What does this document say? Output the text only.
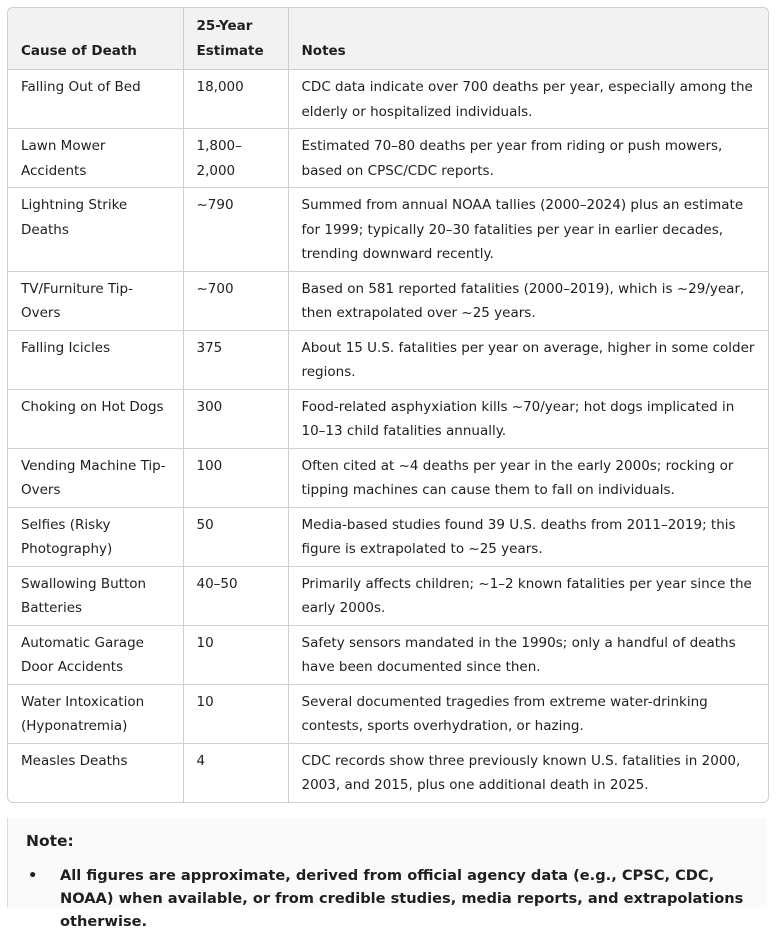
Cause of Death	25-Year Estimate	Notes
Falling Out of Bed	18,000	CDC data indicate over 700 deaths per year, especially among the elderly or hospitalized individuals.
Lawn Mower Accidents	1,800–2,000	Estimated 70–80 deaths per year from riding or push mowers, based on CPSC/CDC reports.
Lightning Strike Deaths	~790	Summed from annual NOAA tallies (2000–2024) plus an estimate for 1999; typically 20–30 fatalities per year in earlier decades, trending downward recently.
TV/Furniture Tip-Overs	~700	Based on 581 reported fatalities (2000–2019), which is ~29/year, then extrapolated over ~25 years.
Falling Icicles	375	About 15 U.S. fatalities per year on average, higher in some colder regions.
Choking on Hot Dogs	300	Food-related asphyxiation kills ~70/year; hot dogs implicated in 10–13 child fatalities annually.
Vending Machine Tip-Overs	100	Often cited at ~4 deaths per year in the early 2000s; rocking or tipping machines can cause them to fall on individuals.
Selfies (Risky Photography)	50	Media-based studies found 39 U.S. deaths from 2011–2019; this figure is extrapolated to ~25 years.
Swallowing Button Batteries	40–50	Primarily affects children; ~1–2 known fatalities per year since the early 2000s.
Automatic Garage Door Accidents	10	Safety sensors mandated in the 1990s; only a handful of deaths have been documented since then.
Water Intoxication (Hyponatremia)	10	Several documented tragedies from extreme water-drinking contests, sports overhydration, or hazing.
Measles Deaths	4	CDC records show three previously known U.S. fatalities in 2000, 2003, and 2015, plus one additional death in 2025.
Note:
• All figures are approximate, derived from official agency data (e.g., CPSC, CDC, NOAA) when available, or from credible studies, media reports, and extrapolations otherwise.
